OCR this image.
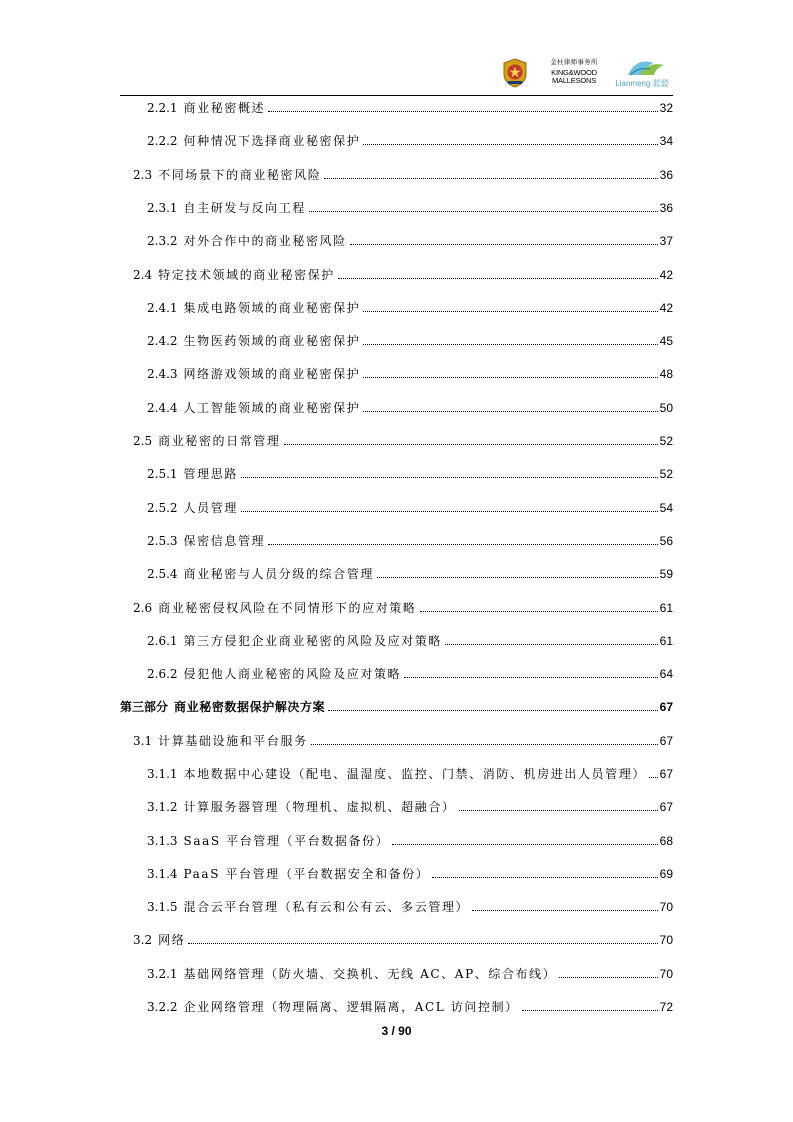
金杜律师事务所
KING&WOOD
MALLESONS	Lianmeng 蓝盟
2.2.1 商业秘密概述	32
2.2.2 何种情况下选择商业秘密保护	34
2.3 不同场景下的商业秘密风险	36
2.3.1 自主研发与反向工程	36
2.3.2 对外合作中的商业秘密风险	37
2.4 特定技术领域的商业秘密保护	42
2.4.1 集成电路领域的商业秘密保护	42
2.4.2 生物医药领域的商业秘密保护	45
2.4.3 网络游戏领域的商业秘密保护	48
2.4.4 人工智能领域的商业秘密保护	50
2.5 商业秘密的日常管理	52
2.5.1 管理思路	52
2.5.2 人员管理	54
2.5.3 保密信息管理	56
2.5.4 商业秘密与人员分级的综合管理	59
2.6 商业秘密侵权风险在不同情形下的应对策略	61
2.6.1 第三方侵犯企业商业秘密的风险及应对策略	61
2.6.2 侵犯他人商业秘密的风险及应对策略	64
第三部分 商业秘密数据保护解决方案	67
3.1 计算基础设施和平台服务	67
3.1.1 本地数据中心建设（配电、温湿度、监控、门禁、消防、机房进出人员管理） 67
3.1.2 计算服务器管理（物理机、虚拟机、超融合）	67
3.1.3 SaaS 平台管理（平台数据备份）	68
3.1.4 PaaS 平台管理（平台数据安全和备份）	69
3.1.5 混合云平台管理（私有云和公有云、多云管理）	70
3.2 网络	70
3.2.1 基础网络管理（防火墙、交换机、无线 AC、AP、综合布线）	70
3.2.2 企业网络管理（物理隔离、逻辑隔离，ACL 访问控制）	72
3 / 90
